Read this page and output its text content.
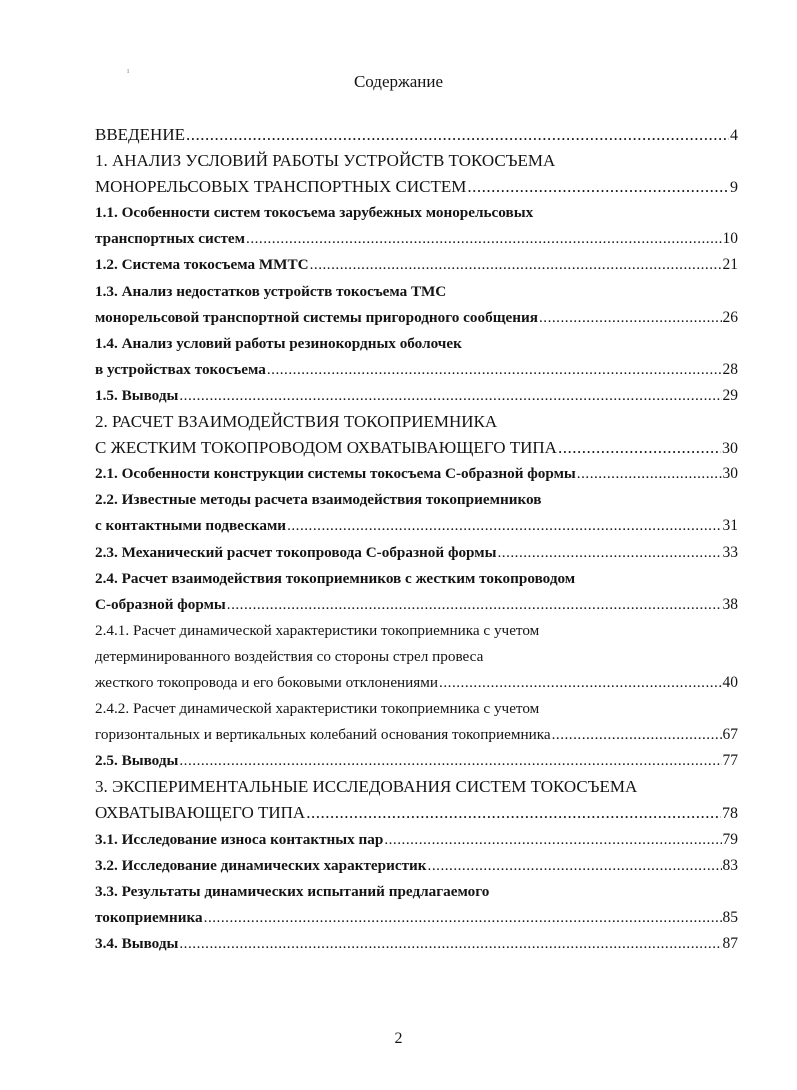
ı
Содержание
ВВЕДЕНИЕ .....	4
1. АНАЛИЗ УСЛОВИЙ РАБОТЫ УСТРОЙСТВ ТОКОСЪЕМА
МОНОРЕЛЬСОВЫХ ТРАНСПОРТНЫХ СИСТЕМ .....	9
1.1. Особенности систем токосъема зарубежных монорельсовых
транспортных систем .....	10
1.2. Система токосъема ММТС .....	21
1.3. Анализ недостатков устройств токосъема ТМС
монорельсовой транспортной системы пригородного сообщения .....	26
1.4. Анализ условий работы резинокордных оболочек
в устройствах токосъема .....	28
1.5. Выводы .....	29
2. РАСЧЕТ ВЗАИМОДЕЙСТВИЯ ТОКОПРИЕМНИКА
С ЖЕСТКИМ ТОКОПРОВОДОМ ОХВАТЫВАЮЩЕГО ТИПА .....	30
2.1. Особенности конструкции системы токосъема С-образной формы .....	30
2.2. Известные методы расчета взаимодействия токоприемников
с контактными подвесками .....	31
2.3. Механический расчет токопровода С-образной формы .....	33
2.4. Расчет взаимодействия токоприемников с жестким токопроводом
С-образной формы .....	38
2.4.1. Расчет динамической характеристики токоприемника с учетом
детерминированного воздействия со стороны стрел провеса
жесткого токопровода и его боковыми отклонениями .....	40
2.4.2. Расчет динамической характеристики токоприемника с учетом
горизонтальных и вертикальных колебаний основания токоприемника .....	67
2.5. Выводы .....	77
3. ЭКСПЕРИМЕНТАЛЬНЫЕ ИССЛЕДОВАНИЯ СИСТЕМ ТОКОСЪЕМА
ОХВАТЫВАЮЩЕГО ТИПА .....	78
3.1. Исследование износа контактных пар .....	79
3.2. Исследование динамических характеристик .....	83
3.3. Результаты динамических испытаний предлагаемого
токоприемника .....	85
3.4. Выводы .....	87
2
